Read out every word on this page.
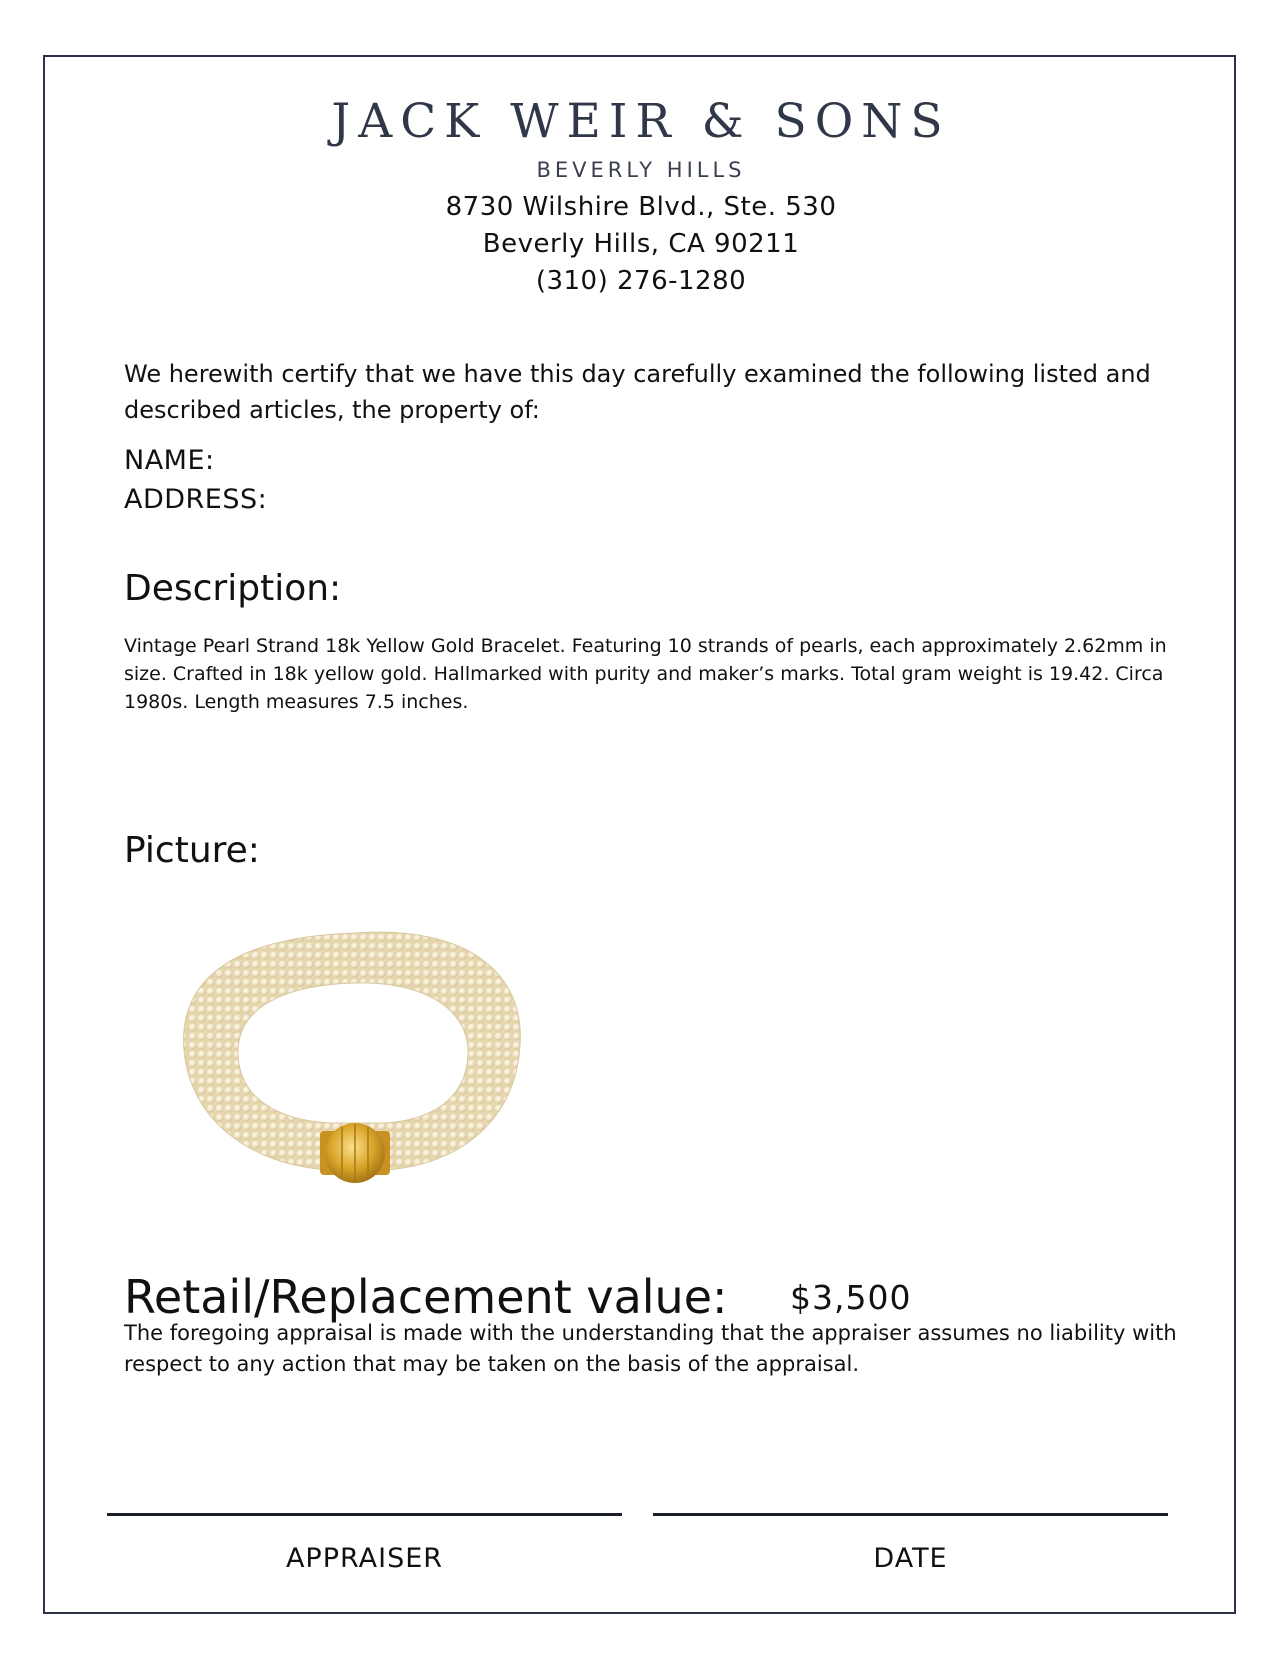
JACK WEIR & SONS
BEVERLY HILLS
8730 Wilshire Blvd., Ste. 530
Beverly Hills, CA 90211
(310) 276-1280

We herewith certify that we have this day carefully examined the following listed and described articles, the property of:

NAME:
ADDRESS:
Description:

Vintage Pearl Strand 18k Yellow Gold Bracelet. Featuring 10 strands of pearls, each approximately 2.62mm in size. Crafted in 18k yellow gold. Hallmarked with purity and maker’s marks. Total gram weight is 19.42. Circa 1980s. Length measures 7.5 inches.

Picture:
Retail/Replacement value: $3,500

The foregoing appraisal is made with the understanding that the appraiser assumes no liability with respect to any action that may be taken on the basis of the appraisal.

APPRAISER	DATE
